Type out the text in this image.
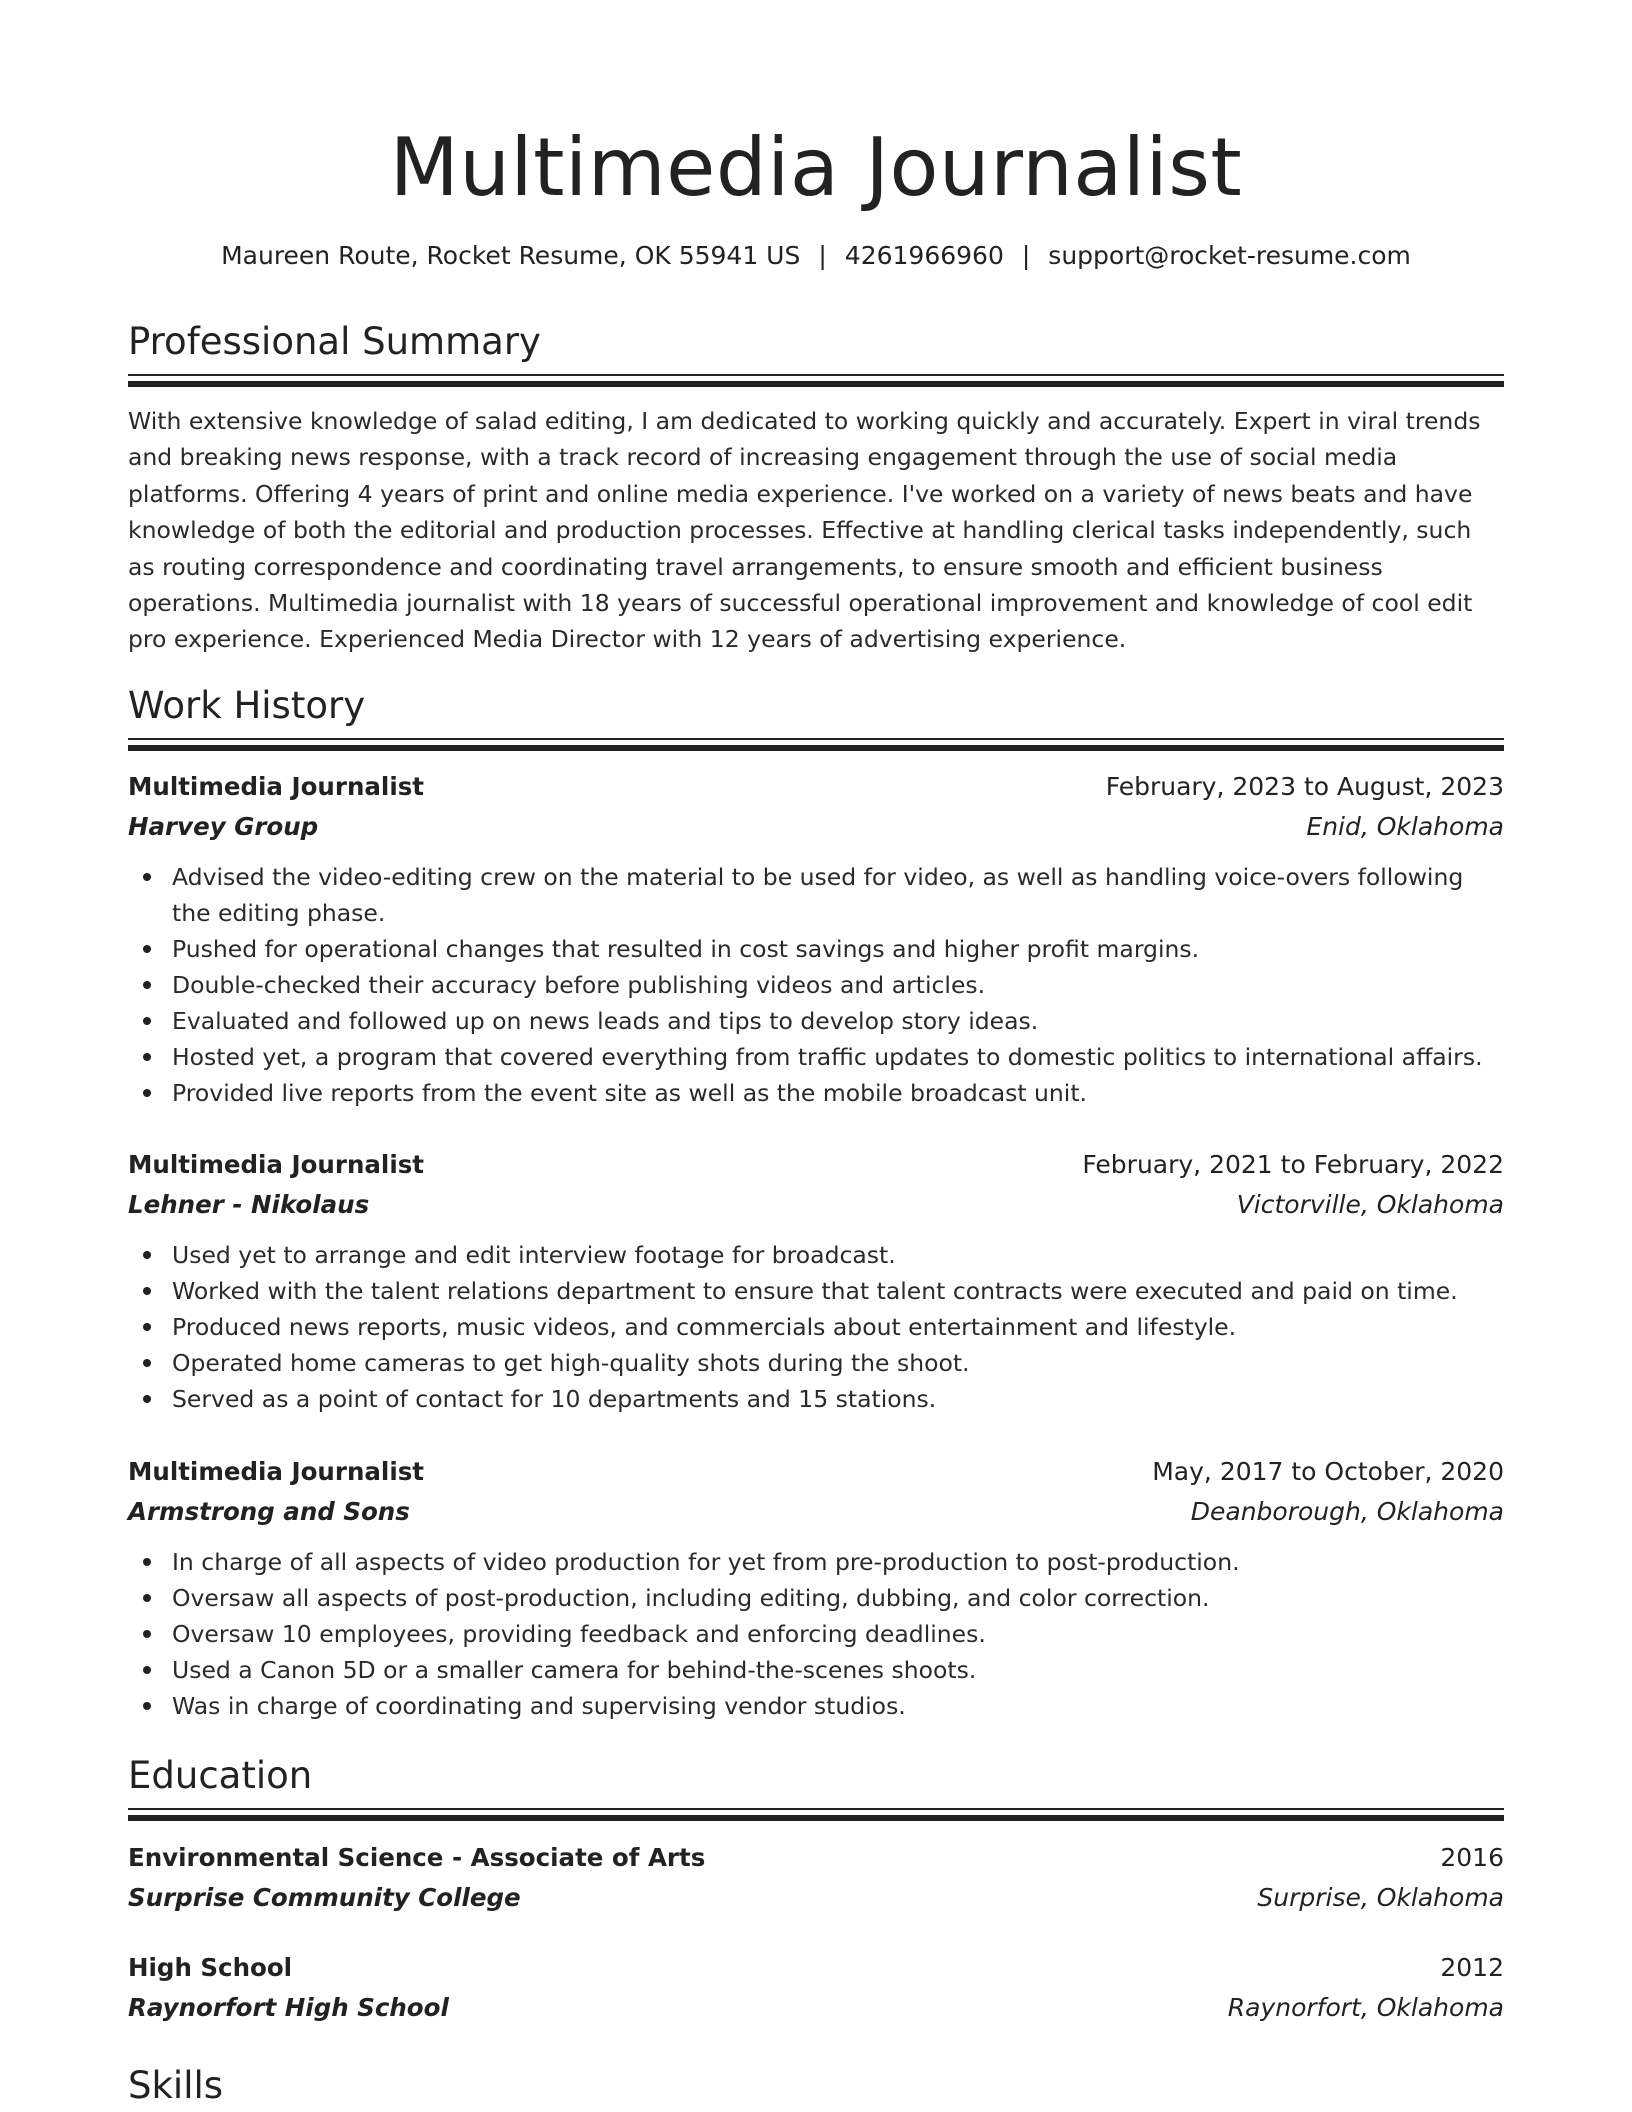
Multimedia Journalist
Maureen Route, Rocket Resume, OK 55941 US | 4261966960 | support@rocket-resume.com
Professional Summary

With extensive knowledge of salad editing, I am dedicated to working quickly and accurately. Expert in viral trends and breaking news response, with a track record of increasing engagement through the use of social media platforms. Offering 4 years of print and online media experience. I've worked on a variety of news beats and have knowledge of both the editorial and production processes. Effective at handling clerical tasks independently, such as routing correspondence and coordinating travel arrangements, to ensure smooth and efficient business operations. Multimedia journalist with 18 years of successful operational improvement and knowledge of cool edit pro experience. Experienced Media Director with 12 years of advertising experience.

Work History
Multimedia Journalist	February, 2023 to August, 2023
Harvey Group	Enid, Oklahoma
Advised the video-editing crew on the material to be used for video, as well as handling voice-overs following the editing phase.
Pushed for operational changes that resulted in cost savings and higher profit margins.
Double-checked their accuracy before publishing videos and articles.
Evaluated and followed up on news leads and tips to develop story ideas.
Hosted yet, a program that covered everything from traffic updates to domestic politics to international affairs.
Provided live reports from the event site as well as the mobile broadcast unit.
Multimedia Journalist	February, 2021 to February, 2022
Lehner - Nikolaus	Victorville, Oklahoma
Used yet to arrange and edit interview footage for broadcast.
Worked with the talent relations department to ensure that talent contracts were executed and paid on time.
Produced news reports, music videos, and commercials about entertainment and lifestyle.
Operated home cameras to get high-quality shots during the shoot.
Served as a point of contact for 10 departments and 15 stations.
Multimedia Journalist	May, 2017 to October, 2020
Armstrong and Sons	Deanborough, Oklahoma
In charge of all aspects of video production for yet from pre-production to post-production.
Oversaw all aspects of post-production, including editing, dubbing, and color correction.
Oversaw 10 employees, providing feedback and enforcing deadlines.
Used a Canon 5D or a smaller camera for behind-the-scenes shoots.
Was in charge of coordinating and supervising vendor studios.
Education
Environmental Science - Associate of Arts	2016
Surprise Community College	Surprise, Oklahoma
High School	2012
Raynorfort High School	Raynorfort, Oklahoma
Skills
